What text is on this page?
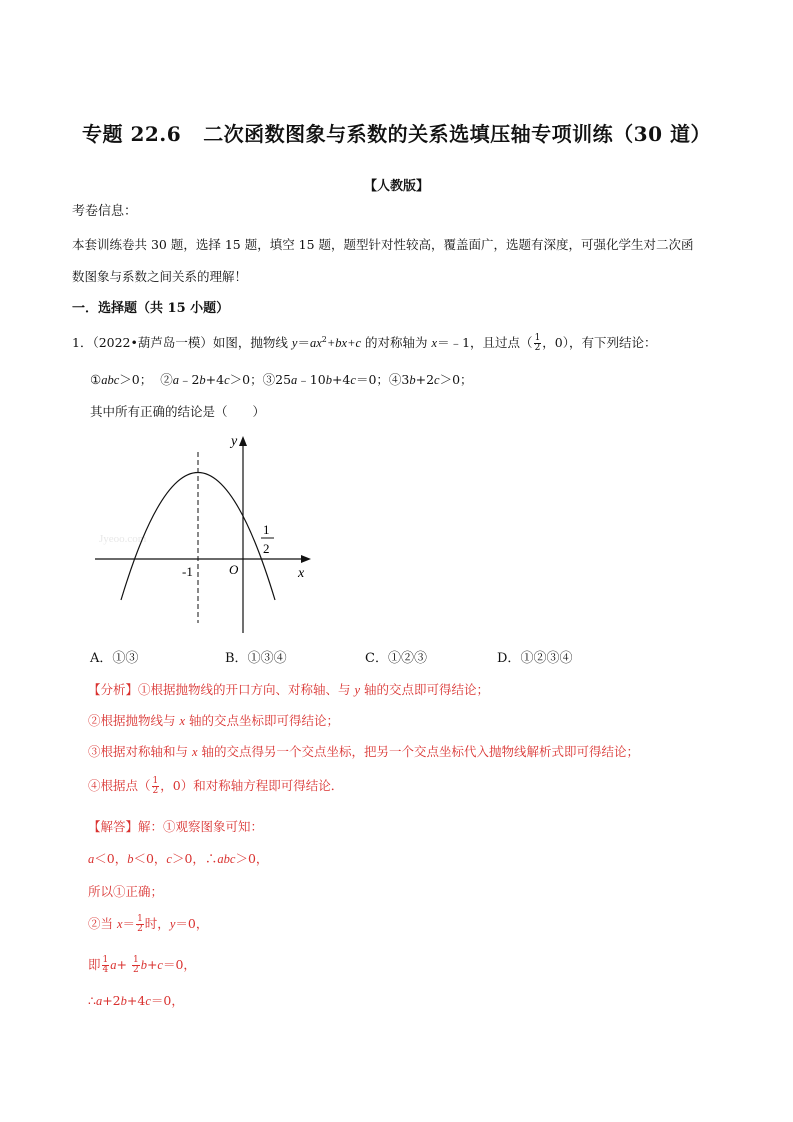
专题 22.6 二次函数图象与系数的关系选填压轴专项训练（30 道）
【人教版】
考卷信息：
本套训练卷共 30 题，选择 15 题，填空 15 题，题型针对性较高，覆盖面广，选题有深度，可强化学生对二次函
数图象与系数之间关系的理解！
一．选择题（共 15 小题）
1．（2022•葫芦岛一模）如图，抛物线 $y=ax^2+bx+c$ 的对称轴为 x＝﹣1，且过点（ $\frac{1}{2}$ ，0），有下列结论：
①abc＞0； ②a﹣2b+4c＞0；③25a﹣10b+4c＝0；④3b+2c＞0；
其中所有正确的结论是（　　）
Jyeoo.com
y
x
O
-1
1
2
A．①③	B．①③④	C．①②③	D．①②③④
【分析】①根据抛物线的开口方向、对称轴、与 y 轴的交点即可得结论；
②根据抛物线与 x 轴的交点坐标即可得结论；
③根据对称轴和与 x 轴的交点得另一个交点坐标，把另一个交点坐标代入抛物线解析式即可得结论；
④根据点（ $\frac{1}{2}$ ，0）和对称轴方程即可得结论．
【解答】解：①观察图象可知：
a＜0，b＜0，c＞0，∴abc＞0，
所以①正确；
②当 $x= \frac{1}{2}$ 时，y＝0，
即 $\frac{1}{4} a+ \frac{1}{2} b+c=0$，
∴a+2b+4c＝0，
